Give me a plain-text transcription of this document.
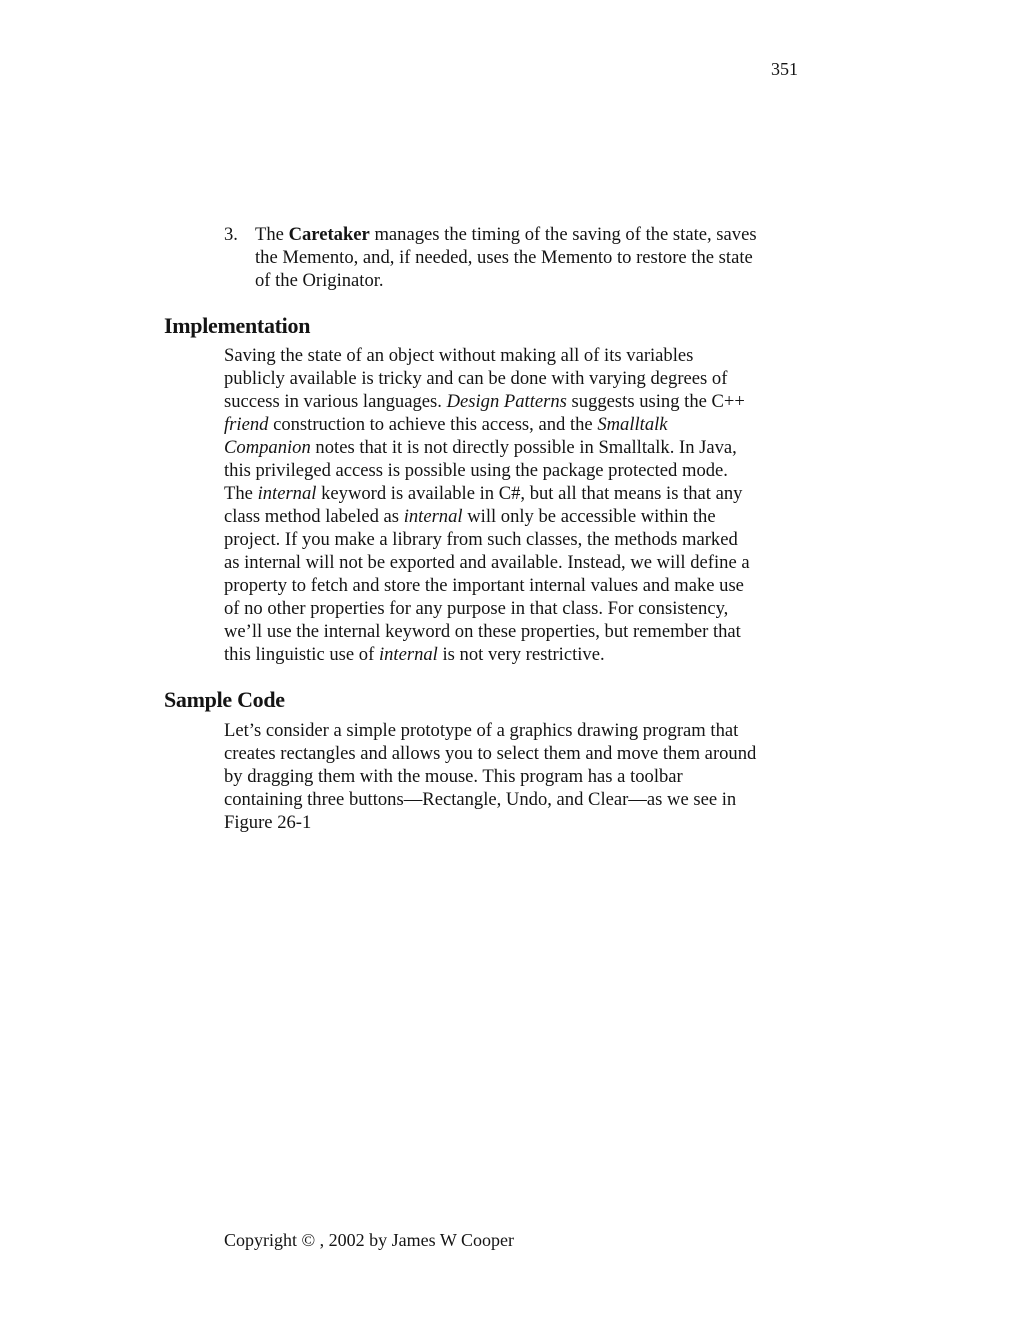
351
3. The Caretaker manages the timing of the saving of the state, saves
the Memento, and, if needed, uses the Memento to restore the state
of the Originator.
Implementation
Saving the state of an object without making all of its variables
publicly available is tricky and can be done with varying degrees of
success in various languages. Design Patterns suggests using the C++
friend construction to achieve this access, and the Smalltalk
Companion notes that it is not directly possible in Smalltalk. In Java,
this privileged access is possible using the package protected mode.
The internal keyword is available in C#, but all that means is that any
class method labeled as internal will only be accessible within the
project. If you make a library from such classes, the methods marked
as internal will not be exported and available. Instead, we will define a
property to fetch and store the important internal values and make use
of no other properties for any purpose in that class. For consistency,
we’ll use the internal keyword on these properties, but remember that
this linguistic use of internal is not very restrictive.
Sample Code
Let’s consider a simple prototype of a graphics drawing program that
creates rectangles and allows you to select them and move them around
by dragging them with the mouse. This program has a toolbar
containing three buttons—Rectangle, Undo, and Clear—as we see in
Figure 26-1
Copyright © , 2002 by James W Cooper
